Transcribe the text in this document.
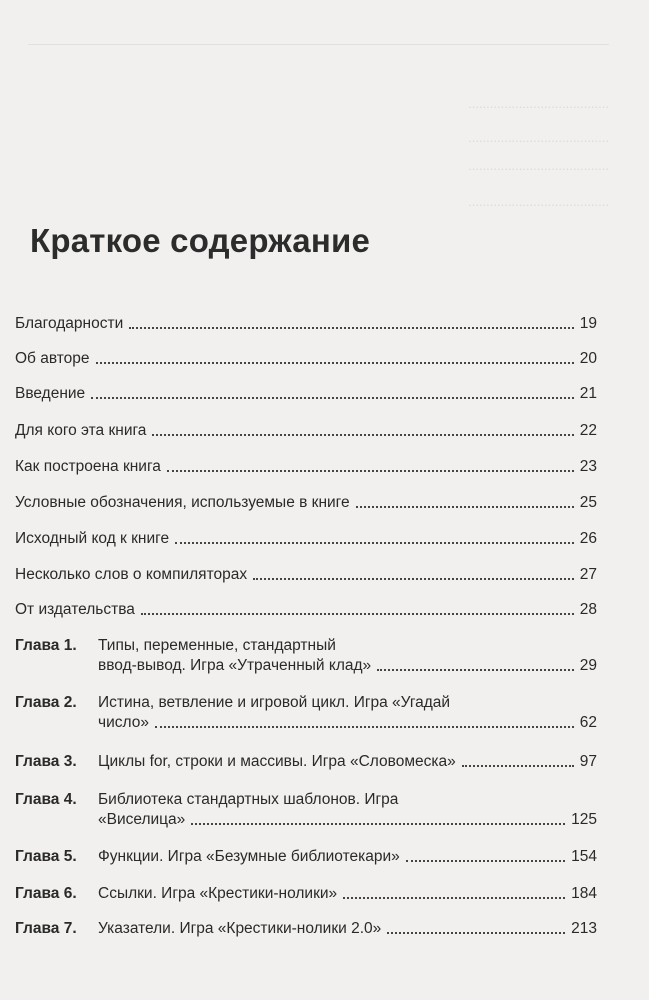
.......................................
.......................................
.......................................
.......................................
Краткое содержание
Благодарности	19
Об авторе	20
Введение	21
Для кого эта книга	22
Как построена книга	23
Условные обозначения, используемые в книге	25
Исходный код к книге	26
Несколько слов о компиляторах	27
От издательства	28
Глава 1. Типы, переменные, стандартный
ввод-вывод. Игра «Утраченный клад»	29
Глава 2. Истина, ветвление и игровой цикл. Игра «Угадай
число»	62
Глава 3. Циклы for, строки и массивы. Игра «Словомеска»	97
Глава 4. Библиотека стандартных шаблонов. Игра
«Виселица»	125
Глава 5. Функции. Игра «Безумные библиотекари»	154
Глава 6. Ссылки. Игра «Крестики-нолики»	184
Глава 7. Указатели. Игра «Крестики-нолики 2.0»	213
